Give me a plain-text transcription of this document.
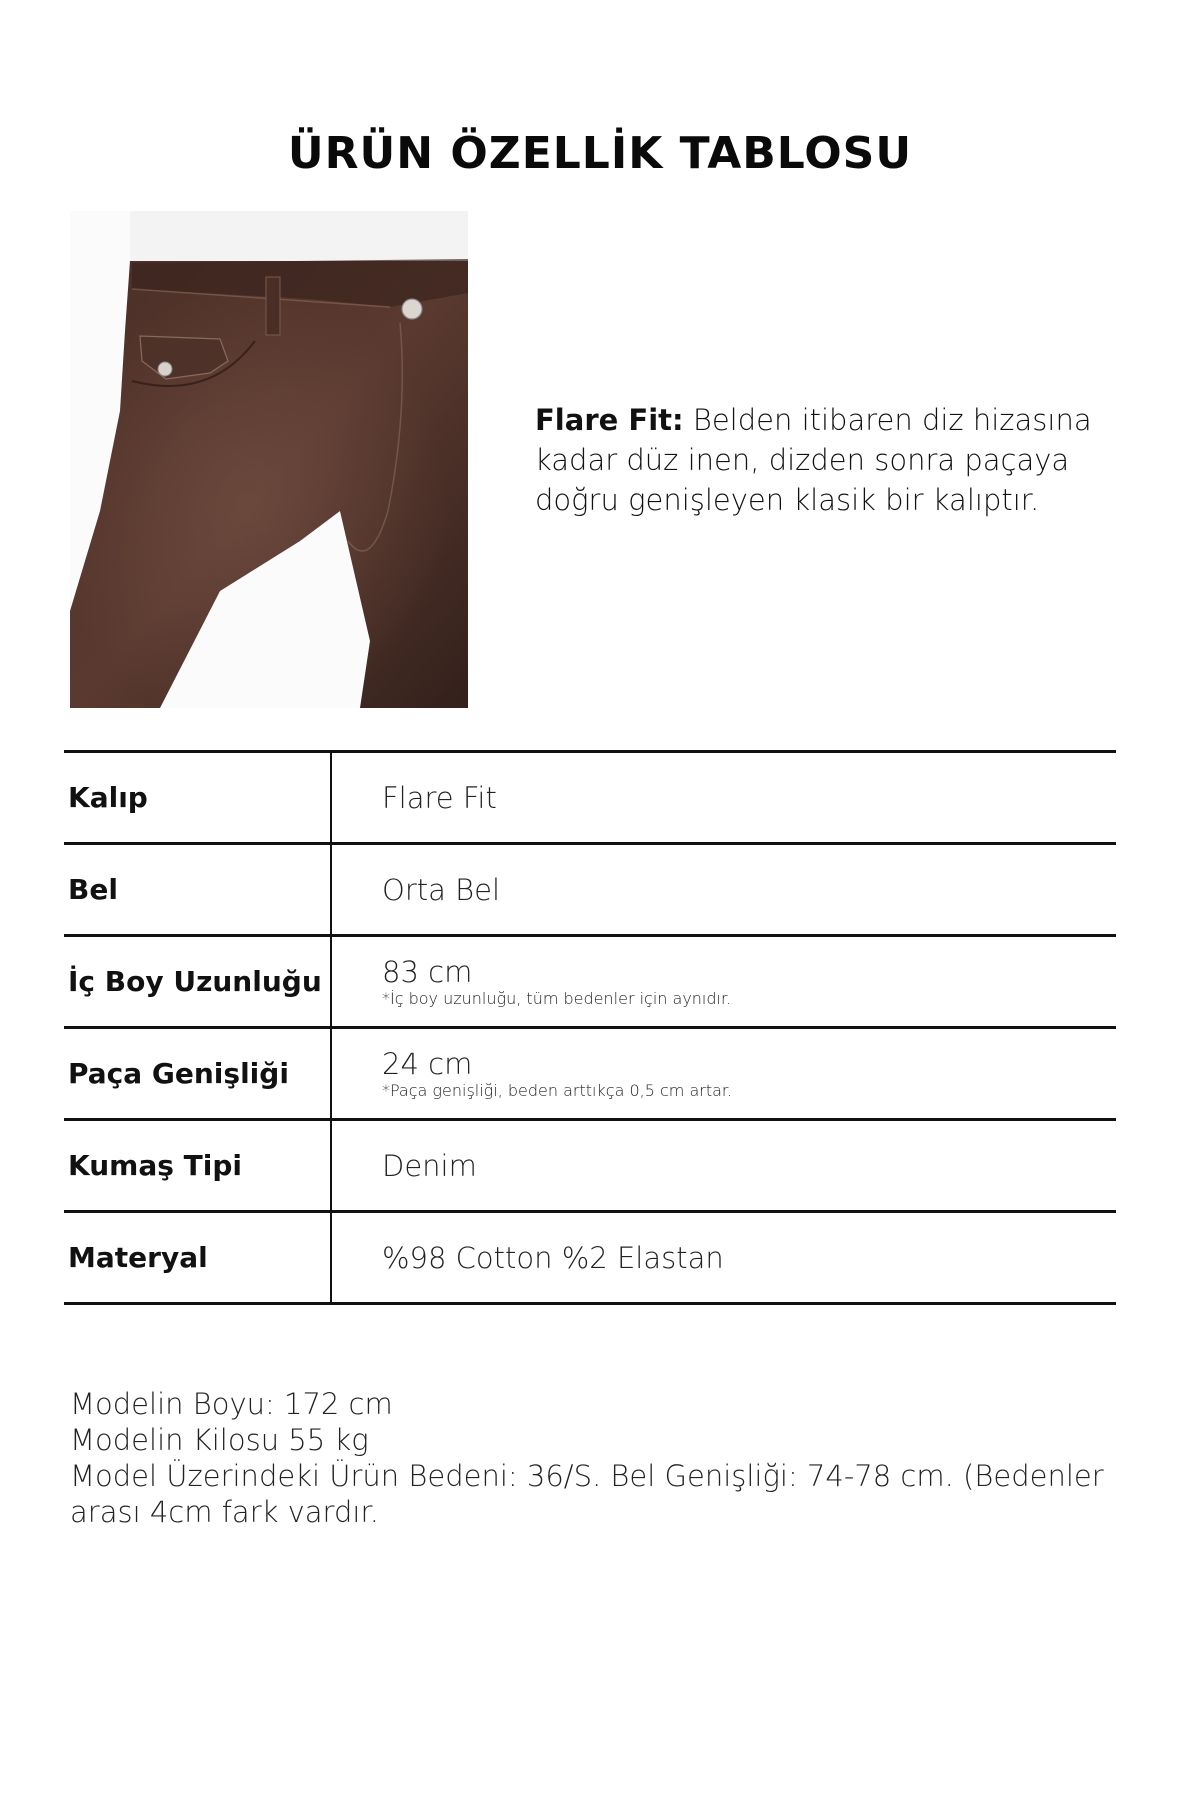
ÜRÜN ÖZELLİK TABLOSU
Flare Fit: Belden itibaren diz hizasına kadar düz inen, dizden sonra paçaya doğru genişleyen klasik bir kalıptır.
Kalıp	Flare Fit

Bel	Orta Bel

İç Boy Uzunluğu	83 cm
*İç boy uzunluğu, tüm bedenler için aynıdır.

Paça Genişliği	24 cm
*Paça genişliği, beden arttıkça 0,5 cm artar.

Kumaş Tipi	Denim

Materyal	%98 Cotton %2 Elastan
Modelin Boyu: 172 cm
Modelin Kilosu 55 kg
Model Üzerindeki Ürün Bedeni: 36/S. Bel Genişliği: 74-78 cm. (Bedenler arası 4cm fark vardır.
